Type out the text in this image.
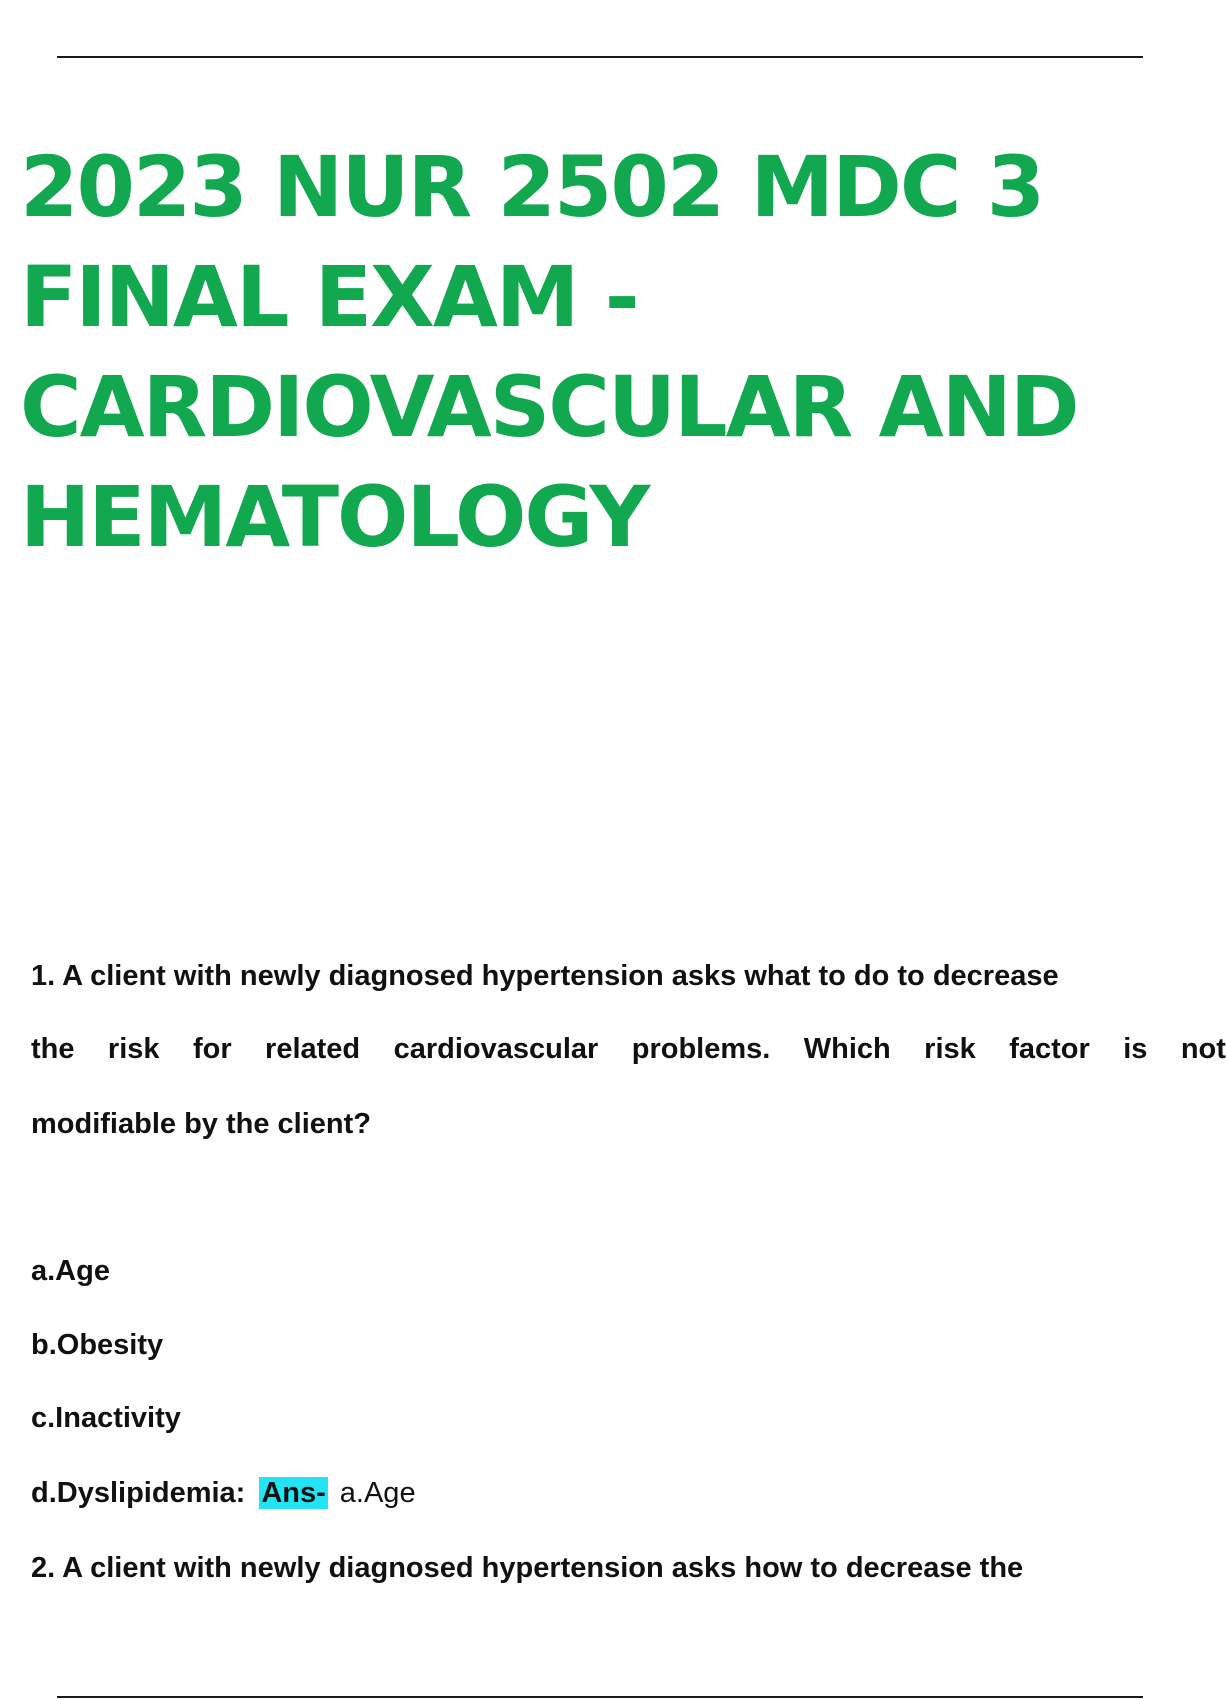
2023 NUR 2502 MDC 3
FINAL EXAM -
CARDIOVASCULAR AND
HEMATOLOGY
1. A client with newly diagnosed hypertension asks what to do to decrease
the risk for related cardiovascular problems. Which risk factor is not
modifiable by the client?
a.Age
b.Obesity
c.Inactivity
d.Dyslipidemia: Ans- a.Age
2. A client with newly diagnosed hypertension asks how to decrease the
